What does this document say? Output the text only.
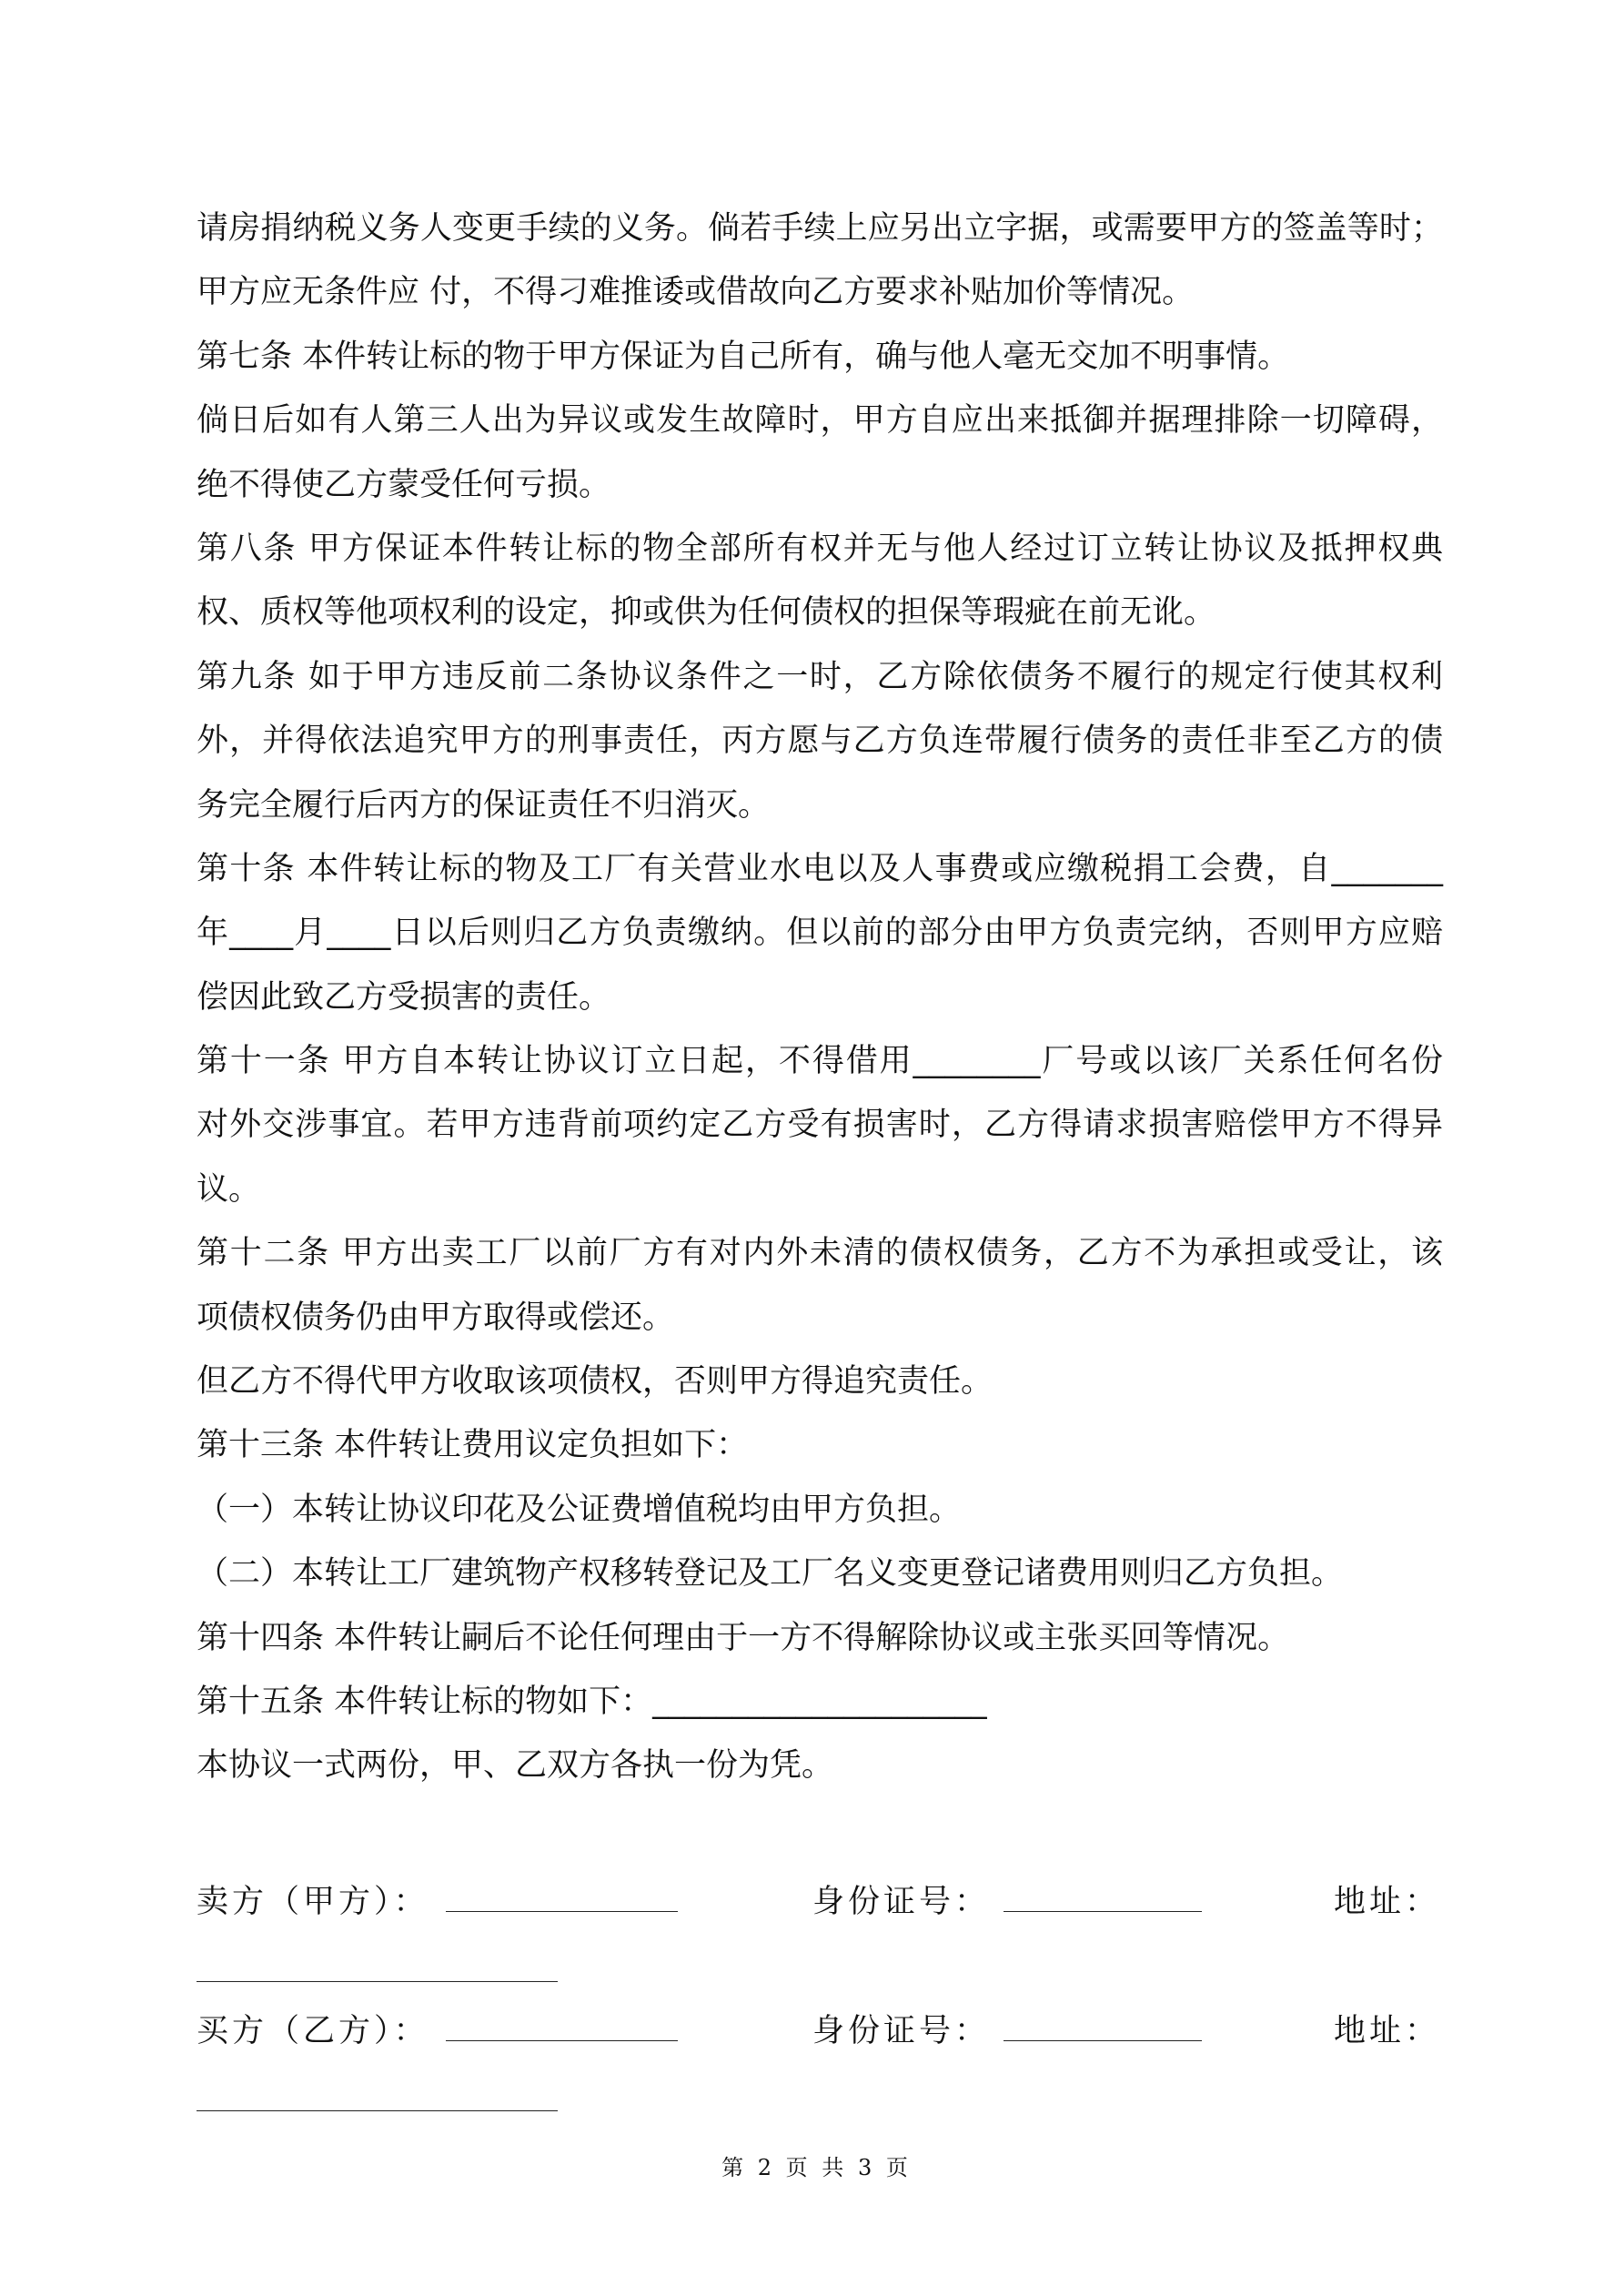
请房捐纳税义务人变更手续的义务。倘若手续上应另出立字据，或需要甲方的签盖等时；
甲方应无条件应 付，不得刁难推诿或借故向乙方要求补贴加价等情况。
第七条 本件转让标的物于甲方保证为自己所有，确与他人毫无交加不明事情。
倘日后如有人第三人出为异议或发生故障时，甲方自应出来抵御并据理排除一切障碍，
绝不得使乙方蒙受任何亏损。
第八条 甲方保证本件转让标的物全部所有权并无与他人经过订立转让协议及抵押权典
权、质权等他项权利的设定，抑或供为任何债权的担保等瑕疵在前无讹。
第九条 如于甲方违反前二条协议条件之一时，乙方除依债务不履行的规定行使其权利
外，并得依法追究甲方的刑事责任，丙方愿与乙方负连带履行债务的责任非至乙方的债
务完全履行后丙方的保证责任不归消灭。
第十条 本件转让标的物及工厂有关营业水电以及人事费或应缴税捐工会费，自_______
年____月____日以后则归乙方负责缴纳。但以前的部分由甲方负责完纳，否则甲方应赔
偿因此致乙方受损害的责任。
第十一条 甲方自本转让协议订立日起，不得借用________厂号或以该厂关系任何名份
对外交涉事宜。若甲方违背前项约定乙方受有损害时，乙方得请求损害赔偿甲方不得异
议。
第十二条 甲方出卖工厂以前厂方有对内外未清的债权债务，乙方不为承担或受让，该
项债权债务仍由甲方取得或偿还。
但乙方不得代甲方收取该项债权，否则甲方得追究责任。
第十三条 本件转让费用议定负担如下：
（一）本转让协议印花及公证费增值税均由甲方负担。
（二）本转让工厂建筑物产权移转登记及工厂名义变更登记诸费用则归乙方负担。
第十四条 本件转让嗣后不论任何理由于一方不得解除协议或主张买回等情况。
第十五条 本件转让标的物如下：_____________________
本协议一式两份，甲、乙双方各执一份为凭。
卖方（甲方）：	身份证号：	地址：
买方（乙方）：	身份证号：	地址：
第 2 页 共 3 页
